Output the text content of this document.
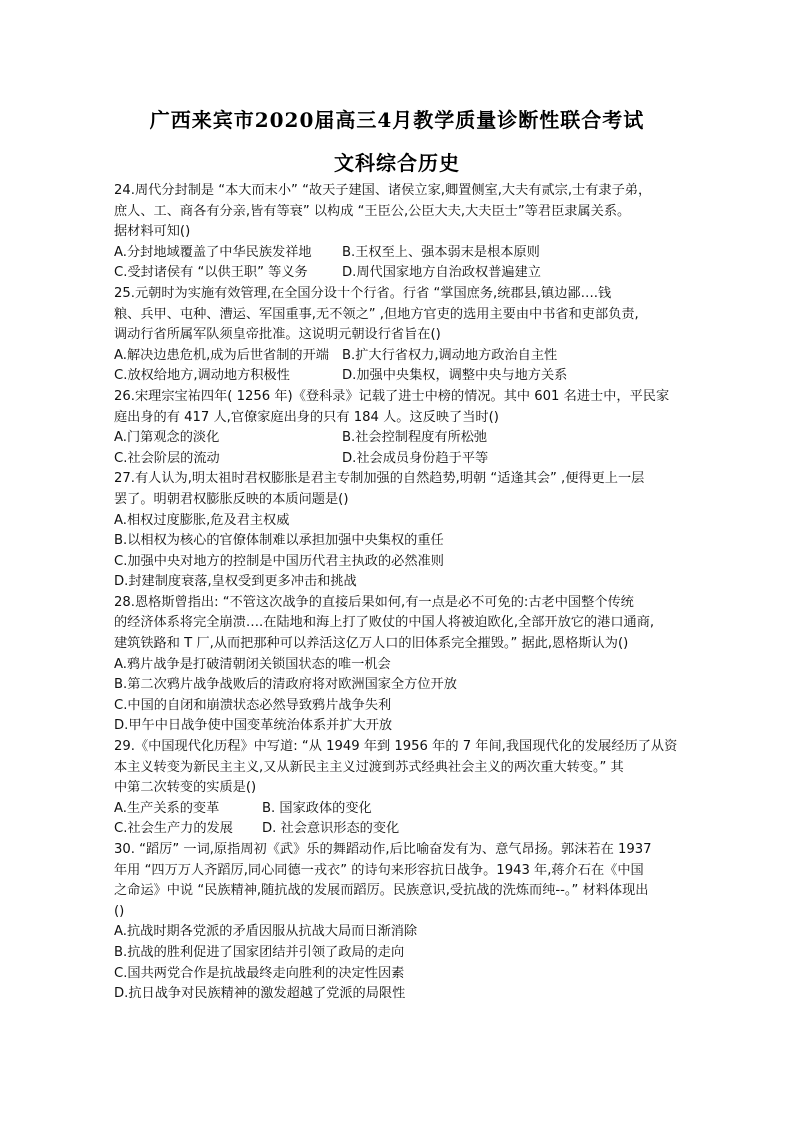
广西来宾市2020届高三4月教学质量诊断性联合考试
文科综合历史
24.周代分封制是 “本大而末小” “故天子建国、诸侯立家,卿置侧室,大夫有贰宗,士有隶子弟，
庶人、工、商各有分亲,皆有等衰” 以构成 “王臣公,公臣大夫,大夫臣士”等君臣隶属关系。
据材料可知()
A.分封地域覆盖了中华民族发祥地	B.王权至上、强本弱末是根本原则
C.受封诸侯有 “以供王职” 等义务	D.周代国家地方自治政权普遍建立
25.元朝时为实施有效管理,在全国分设十个行省。行省 “掌国庶务,统郡县,镇边鄙….钱
粮、兵甲、屯种、漕运、军国重事,无不领之” ,但地方官吏的选用主要由中书省和吏部负责,
调动行省所属军队须皇帝批准。这说明元朝设行省旨在()
A.解决边患危机,成为后世省制的开端 B.扩大行省权力,调动地方政治自主性
C.放权给地方,调动地方积极性	D.加强中央集权，调整中央与地方关系
26.宋理宗宝祐四年( 1256 年)《登科录》记载了进士中榜的情况。其中 601 名进士中，平民家
庭出身的有 417 人,官僚家庭出身的只有 184 人。这反映了当时()
A.门第观念的淡化	B.社会控制程度有所松弛
C.社会阶层的流动	D.社会成员身份趋于平等
27.有人认为,明太祖时君权膨胀是君主专制加强的自然趋势,明朝 “适逢其会” ,便得更上一层
罢了。明朝君权膨胀反映的本质问题是()
A.相权过度膨胀,危及君主权威
B.以相权为核心的官僚体制难以承担加强中央集权的重任
C.加强中央对地方的控制是中国历代君主执政的必然准则
D.封建制度衰落,皇权受到更多冲击和挑战
28.恩格斯曾指出: “不管这次战争的直接后果如何,有一点是必不可免的:古老中国整个传统
的经济体系将完全崩溃….在陆地和海上打了败仗的中国人将被迫欧化,全部开放它的港口通商,
建筑铁路和 T 厂,从而把那种可以养活这亿万人口的旧体系完全摧毁。” 据此,恩格斯认为()
A.鸦片战争是打破清朝闭关锁国状态的唯一机会
B.第二次鸦片战争战败后的清政府将对欧洲国家全方位开放
C.中国的自闭和崩溃状态必然导致鸦片战争失利
D.甲午中日战争使中国变革统治体系并扩大开放
29.《中国现代化历程》中写道: “从 1949 年到 1956 年的 7 年间,我国现代化的发展经历了从资
本主义转变为新民主主义,又从新民主主义过渡到苏式经典社会主义的两次重大转变。” 其
中第二次转变的实质是()
A.生产关系的变革	B. 国家政体的变化
C.社会生产力的发展	D. 社会意识形态的变化
30. “蹈厉” 一词,原指周初《武》乐的舞蹈动作,后比喻奋发有为、意气昂扬。郭沫若在 1937
年用 “四万万人齐蹈厉,同心同德一戎衣” 的诗句来形容抗日战争。1943 年,蒋介石在《中国
之命运》中说 “民族精神,随抗战的发展而蹈厉。民族意识,受抗战的洗炼而纯--。” 材料体现出
()
A.抗战时期各党派的矛盾因服从抗战大局而日渐消除
B.抗战的胜利促进了国家团结并引领了政局的走向
C.国共两党合作是抗战最终走向胜利的决定性因素
D.抗日战争对民族精神的激发超越了党派的局限性
